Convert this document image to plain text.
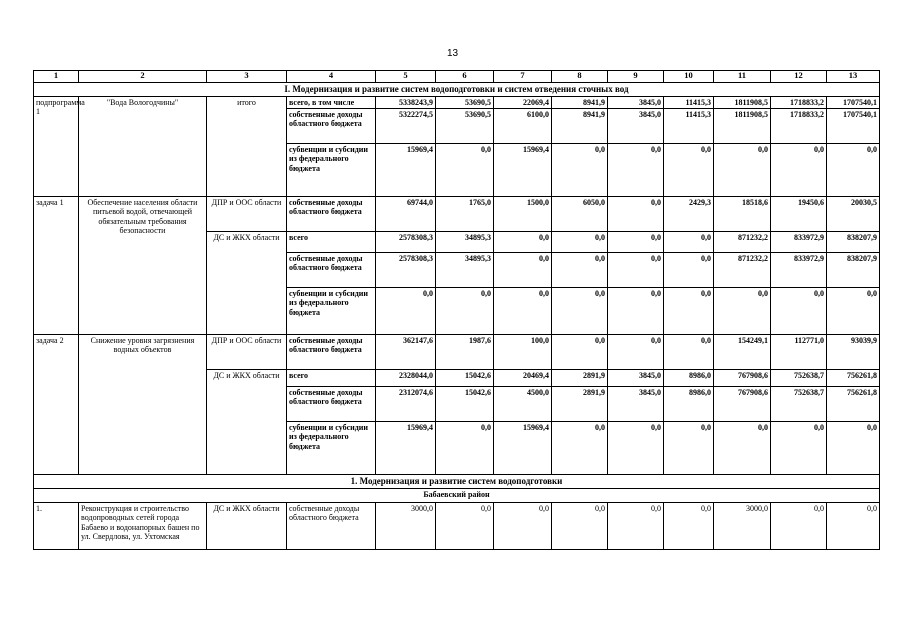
13
1	2	3	4	5	6	7	8	9	10	11	12	13
I. Модернизация и развитие систем водоподготовки и систем отведения сточных вод												
подпрограмма 1	"Вода Вологодчины"	итого	всего, в том числе	5338243,9	53690,5	22069,4	8941,9	3845,0	11415,3	1811908,5	1718833,2	1707540,1
			собственные доходы областного бюджета	5322274,5	53690,5	6100,0	8941,9	3845,0	11415,3	1811908,5	1718833,2	1707540,1
			субвенции и субсидии из федерального бюджета	15969,4	0,0	15969,4	0,0	0,0	0,0	0,0	0,0	0,0
задача 1	Обеспечение населения области питьевой водой, отвечающей обязательным требования безопасности	ДПР и ООС области	собственные доходы областного бюджета	69744,0	1765,0	1500,0	6050,0	0,0	2429,3	18518,6	19450,6	20030,5
		ДС и ЖКХ области	всего	2578308,3	34895,3	0,0	0,0	0,0	0,0	871232,2	833972,9	838207,9
			собственные доходы областного бюджета	2578308,3	34895,3	0,0	0,0	0,0	0,0	871232,2	833972,9	838207,9
			субвенции и субсидии из федерального бюджета	0,0	0,0	0,0	0,0	0,0	0,0	0,0	0,0	0,0
задача 2	Снижение уровня загрязнения водных объектов	ДПР и ООС области	собственные доходы областного бюджета	362147,6	1987,6	100,0	0,0	0,0	0,0	154249,1	112771,0	93039,9
		ДС и ЖКХ области	всего	2328044,0	15042,6	20469,4	2891,9	3845,0	8986,0	767908,6	752638,7	756261,8
			собственные доходы областного бюджета	2312074,6	15042,6	4500,0	2891,9	3845,0	8986,0	767908,6	752638,7	756261,8
			субвенции и субсидии из федерального бюджета	15969,4	0,0	15969,4	0,0	0,0	0,0	0,0	0,0	0,0
1. Модернизация и развитие систем водоподготовки												
Бабаевский район												
1.	Реконструкция и строительство водопроводных сетей города Бабаево и водонапорных башен по ул. Свердлова, ул. Ухтомская	ДС и ЖКХ области	собственные доходы областного бюджета	3000,0	0,0	0,0	0,0	0,0	0,0	3000,0	0,0	0,0
